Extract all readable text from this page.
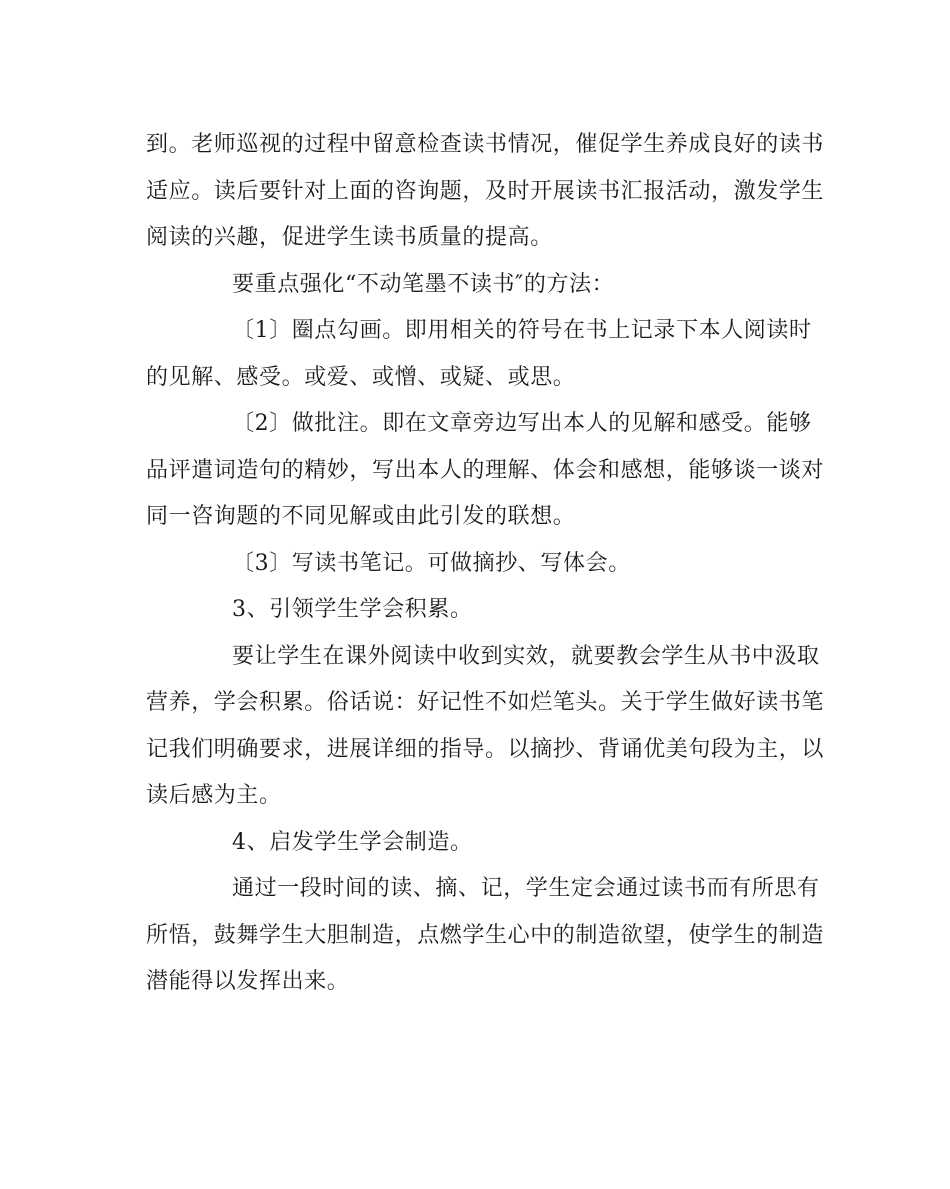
到。老师巡视的过程中留意检查读书情况，催促学生养成良好的读书
适应。读后要针对上面的咨询题，及时开展读书汇报活动，激发学生
阅读的兴趣，促进学生读书质量的提高。
要重点强化“不动笔墨不读书″的方法：
〔1〕圈点勾画。即用相关的符号在书上记录下本人阅读时
的见解、感受。或爱、或憎、或疑、或思。
〔2〕做批注。即在文章旁边写出本人的见解和感受。能够
品评遣词造句的精妙，写出本人的理解、体会和感想，能够谈一谈对
同一咨询题的不同见解或由此引发的联想。
〔3〕写读书笔记。可做摘抄、写体会。
3、引领学生学会积累。
要让学生在课外阅读中收到实效，就要教会学生从书中汲取
营养，学会积累。俗话说：好记性不如烂笔头。关于学生做好读书笔
记我们明确要求，进展详细的指导。以摘抄、背诵优美句段为主，以
读后感为主。
4、启发学生学会制造。
通过一段时间的读、摘、记，学生定会通过读书而有所思有
所悟，鼓舞学生大胆制造，点燃学生心中的制造欲望，使学生的制造
潜能得以发挥出来。
